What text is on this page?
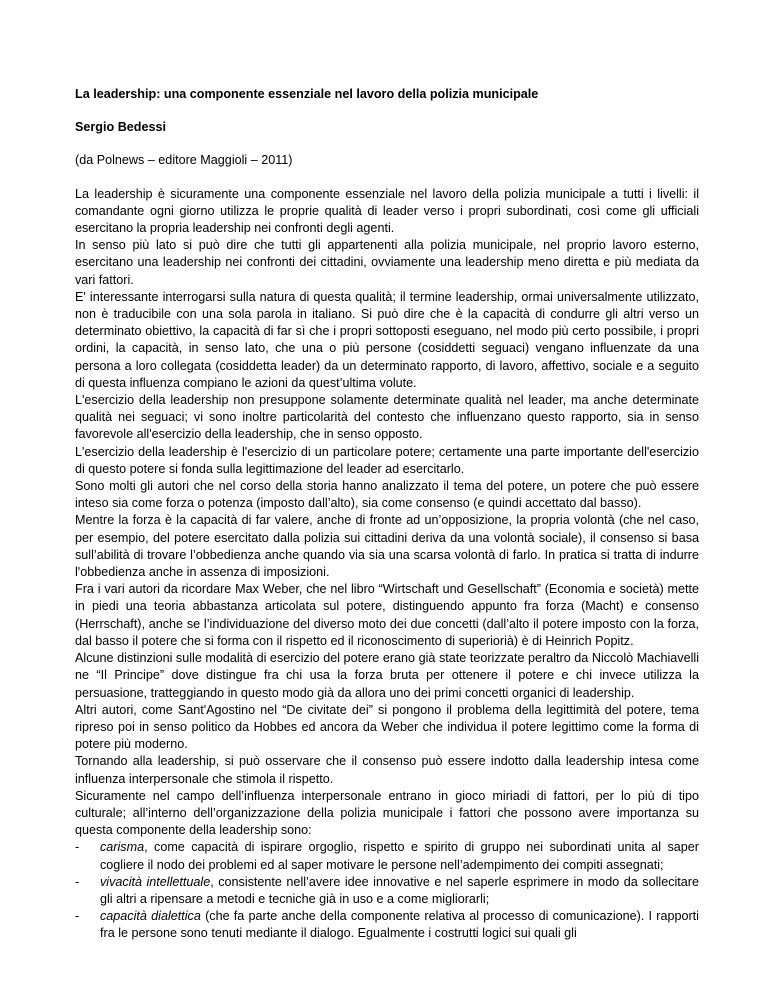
La leadership: una componente essenziale nel lavoro della polizia municipale

Sergio Bedessi

(da Polnews – editore Maggioli – 2011)

La leadership è sicuramente una componente essenziale nel lavoro della polizia municipale a tutti i livelli: il comandante ogni giorno utilizza le proprie qualità di leader verso i propri subordinati, così come gli ufficiali esercitano la propria leadership nei confronti degli agenti.

In senso più lato si può dire che tutti gli appartenenti alla polizia municipale, nel proprio lavoro esterno, esercitano una leadership nei confronti dei cittadini, ovviamente una leadership meno diretta e più mediata da vari fattori.

E' interessante interrogarsi sulla natura di questa qualità; il termine leadership, ormai universalmente utilizzato, non è traducibile con una sola parola in italiano. Si può dire che è la capacità di condurre gli altri verso un determinato obiettivo, la capacità di far sì che i propri sottoposti eseguano, nel modo più certo possibile, i propri ordini, la capacità, in senso lato, che una o più persone (cosiddetti seguaci) vengano influenzate da una persona a loro collegata (cosiddetta leader) da un determinato rapporto, di lavoro, affettivo, sociale e a seguito di questa influenza compiano le azioni da quest’ultima volute.

L'esercizio della leadership non presuppone solamente determinate qualità nel leader, ma anche determinate qualità nei seguaci; vi sono inoltre particolarità del contesto che influenzano questo rapporto, sia in senso favorevole all'esercizio della leadership, che in senso opposto.

L'esercizio della leadership è l'esercizio di un particolare potere; certamente una parte importante dell'esercizio di questo potere si fonda sulla legittimazione del leader ad esercitarlo.

Sono molti gli autori che nel corso della storia hanno analizzato il tema del potere, un potere che può essere inteso sia come forza o potenza (imposto dall’alto), sia come consenso (e quindi accettato dal basso).

Mentre la forza è la capacità di far valere, anche di fronte ad un’opposizione, la propria volontà (che nel caso, per esempio, del potere esercitato dalla polizia sui cittadini deriva da una volontà sociale), il consenso si basa sull’abilità di trovare l’obbedienza anche quando via sia una scarsa volontà di farlo. In pratica si tratta di indurre l'obbedienza anche in assenza di imposizioni.

Fra i vari autori da ricordare Max Weber, che nel libro “Wirtschaft und Gesellschaft” (Economia e società) mette in piedi una teoria abbastanza articolata sul potere, distinguendo appunto fra forza (Macht) e consenso (Herrschaft), anche se l’individuazione del diverso moto dei due concetti (dall’alto il potere imposto con la forza, dal basso il potere che si forma con il rispetto ed il riconoscimento di superiorià) è di Heinrich Popitz.

Alcune distinzioni sulle modalità di esercizio del potere erano già state teorizzate peraltro da Niccolò Machiavelli ne “Il Principe” dove distingue fra chi usa la forza bruta per ottenere il potere e chi invece utilizza la persuasione, tratteggiando in questo modo già da allora uno dei primi concetti organici di leadership.

Altri autori, come Sant'Agostino nel “De civitate dei” si pongono il problema della legittimità del potere, tema ripreso poi in senso politico da Hobbes ed ancora da Weber che individua il potere legittimo come la forma di potere più moderno.

Tornando alla leadership, si può osservare che il consenso può essere indotto dalla leadership intesa come influenza interpersonale che stimola il rispetto.

Sicuramente nel campo dell’influenza interpersonale entrano in gioco miriadi di fattori, per lo più di tipo culturale; all’interno dell’organizzazione della polizia municipale i fattori che possono avere importanza su questa componente della leadership sono:

- carisma, come capacità di ispirare orgoglio, rispetto e spirito di gruppo nei subordinati unita al saper cogliere il nodo dei problemi ed al saper motivare le persone nell’adempimento dei compiti assegnati;
- vivacità intellettuale, consistente nell’avere idee innovative e nel saperle esprimere in modo da sollecitare gli altri a ripensare a metodi e tecniche già in uso e a come migliorarli;
- capacità dialettica (che fa parte anche della componente relativa al processo di comunicazione). I rapporti fra le persone sono tenuti mediante il dialogo. Egualmente i costrutti logici sui quali gli
